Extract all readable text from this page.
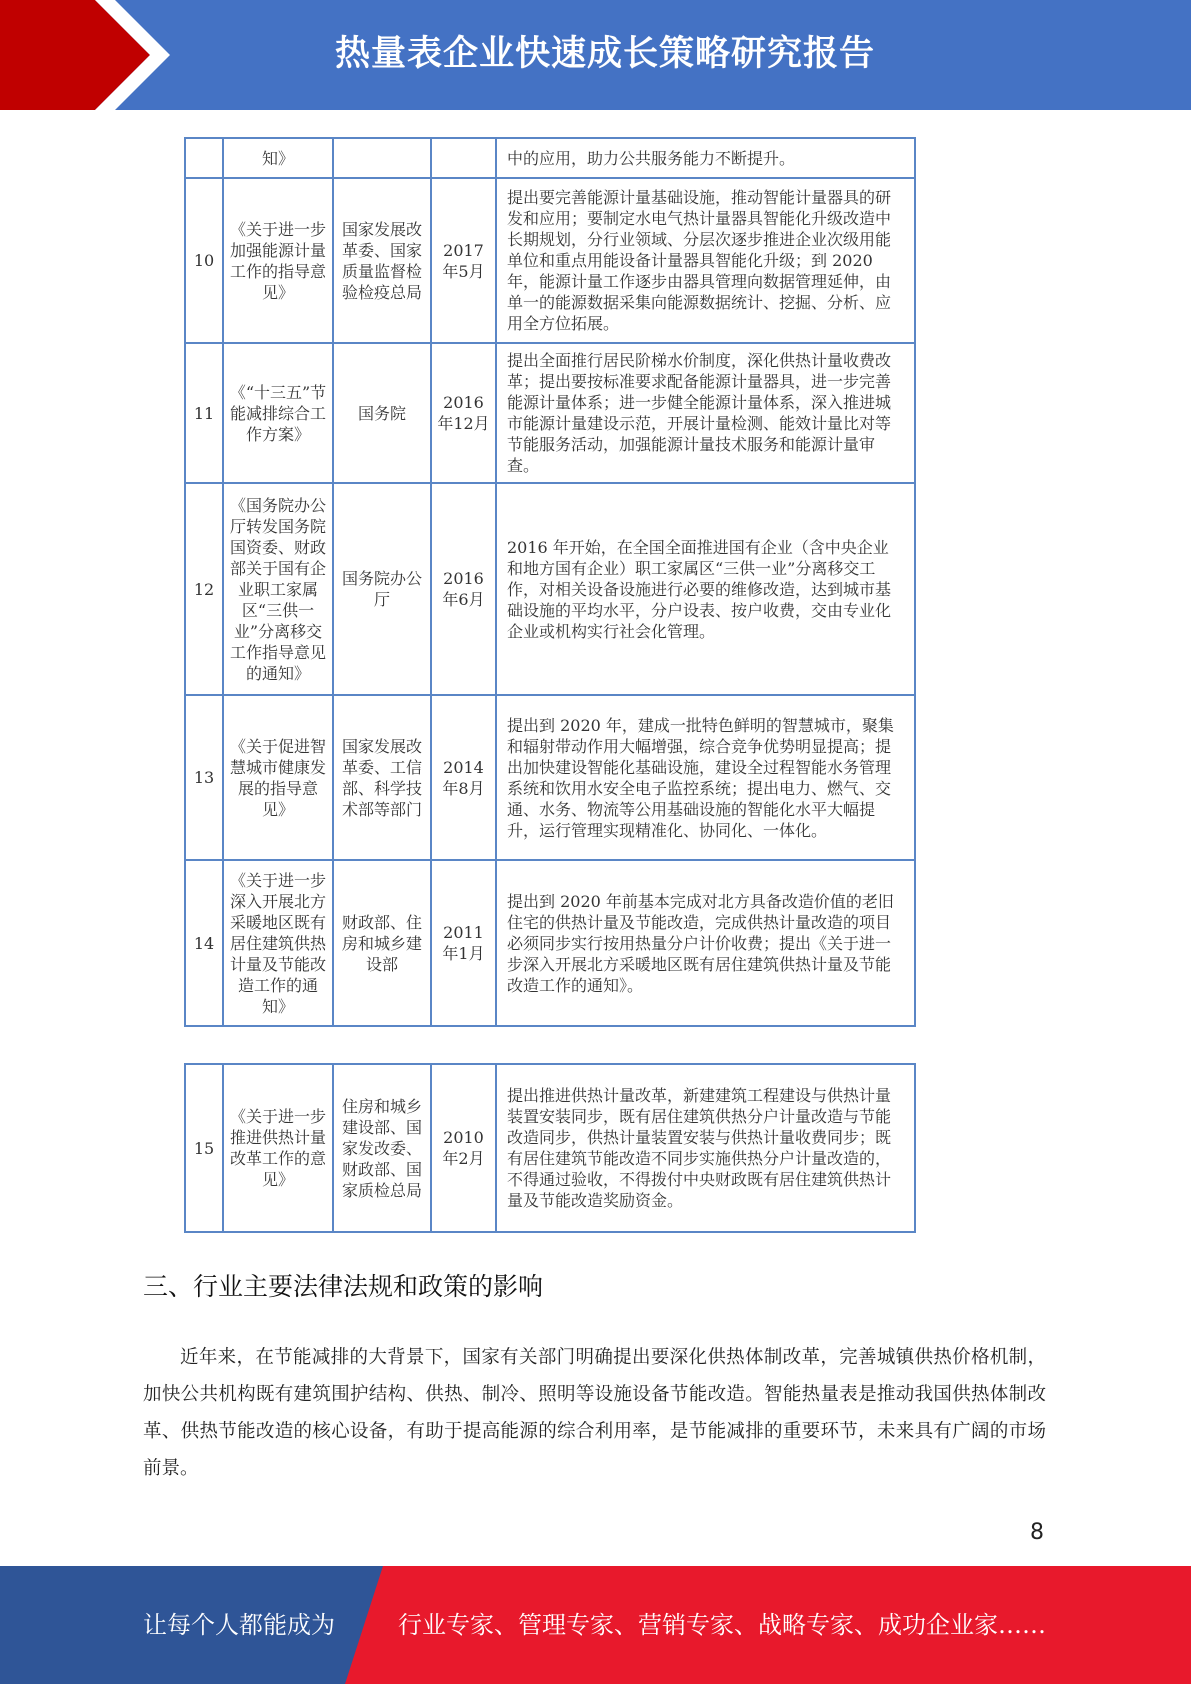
热量表企业快速成长策略研究报告
	知》			中的应用，助力公共服务能力不断提升。
10	《关于进一步加强能源计量工作的指导意见》	国家发展改革委、国家质量监督检验检疫总局	2017年5月	提出要完善能源计量基础设施，推动智能计量器具的研发和应用；要制定水电气热计量器具智能化升级改造中长期规划，分行业领域、分层次逐步推进企业次级用能单位和重点用能设备计量器具智能化升级；到 2020 年，能源计量工作逐步由器具管理向数据管理延伸，由单一的能源数据采集向能源数据统计、挖掘、分析、应用全方位拓展。
11	《“十三五”节能减排综合工作方案》	国务院	2016年12月	提出全面推行居民阶梯水价制度，深化供热计量收费改革；提出要按标准要求配备能源计量器具，进一步完善能源计量体系；进一步健全能源计量体系，深入推进城市能源计量建设示范，开展计量检测、能效计量比对等节能服务活动，加强能源计量技术服务和能源计量审查。
12	《国务院办公厅转发国务院国资委、财政部关于国有企业职工家属区“三供一业”分离移交工作指导意见的通知》	国务院办公厅	2016年6月	2016 年开始，在全国全面推进国有企业（含中央企业和地方国有企业）职工家属区“三供一业”分离移交工作，对相关设备设施进行必要的维修改造，达到城市基础设施的平均水平，分户设表、按户收费，交由专业化企业或机构实行社会化管理。
13	《关于促进智慧城市健康发展的指导意见》	国家发展改革委、工信部、科学技术部等部门	2014年8月	提出到 2020 年，建成一批特色鲜明的智慧城市，聚集和辐射带动作用大幅增强，综合竞争优势明显提高；提出加快建设智能化基础设施，建设全过程智能水务管理系统和饮用水安全电子监控系统；提出电力、燃气、交通、水务、物流等公用基础设施的智能化水平大幅提升，运行管理实现精准化、协同化、一体化。
14	《关于进一步深入开展北方采暖地区既有居住建筑供热计量及节能改造工作的通知》	财政部、住房和城乡建设部	2011年1月	提出到 2020 年前基本完成对北方具备改造价值的老旧住宅的供热计量及节能改造，完成供热计量改造的项目必须同步实行按用热量分户计价收费；提出《关于进一步深入开展北方采暖地区既有居住建筑供热计量及节能改造工作的通知》。
15	《关于进一步推进供热计量改革工作的意见》	住房和城乡建设部、国家发改委、财政部、国家质检总局	2010年2月	提出推进供热计量改革，新建建筑工程建设与供热计量装置安装同步，既有居住建筑供热分户计量改造与节能改造同步，供热计量装置安装与供热计量收费同步；既有居住建筑节能改造不同步实施供热分户计量改造的，不得通过验收，不得拨付中央财政既有居住建筑供热计量及节能改造奖励资金。
三、行业主要法律法规和政策的影响
近年来，在节能减排的大背景下，国家有关部门明确提出要深化供热体制改革，完善城镇供热价格机制，加快公共机构既有建筑围护结构、供热、制冷、照明等设施设备节能改造。智能热量表是推动我国供热体制改革、供热节能改造的核心设备，有助于提高能源的综合利用率，是节能减排的重要环节，未来具有广阔的市场前景。
8
让每个人都能成为	行业专家、管理专家、营销专家、战略专家、成功企业家……
